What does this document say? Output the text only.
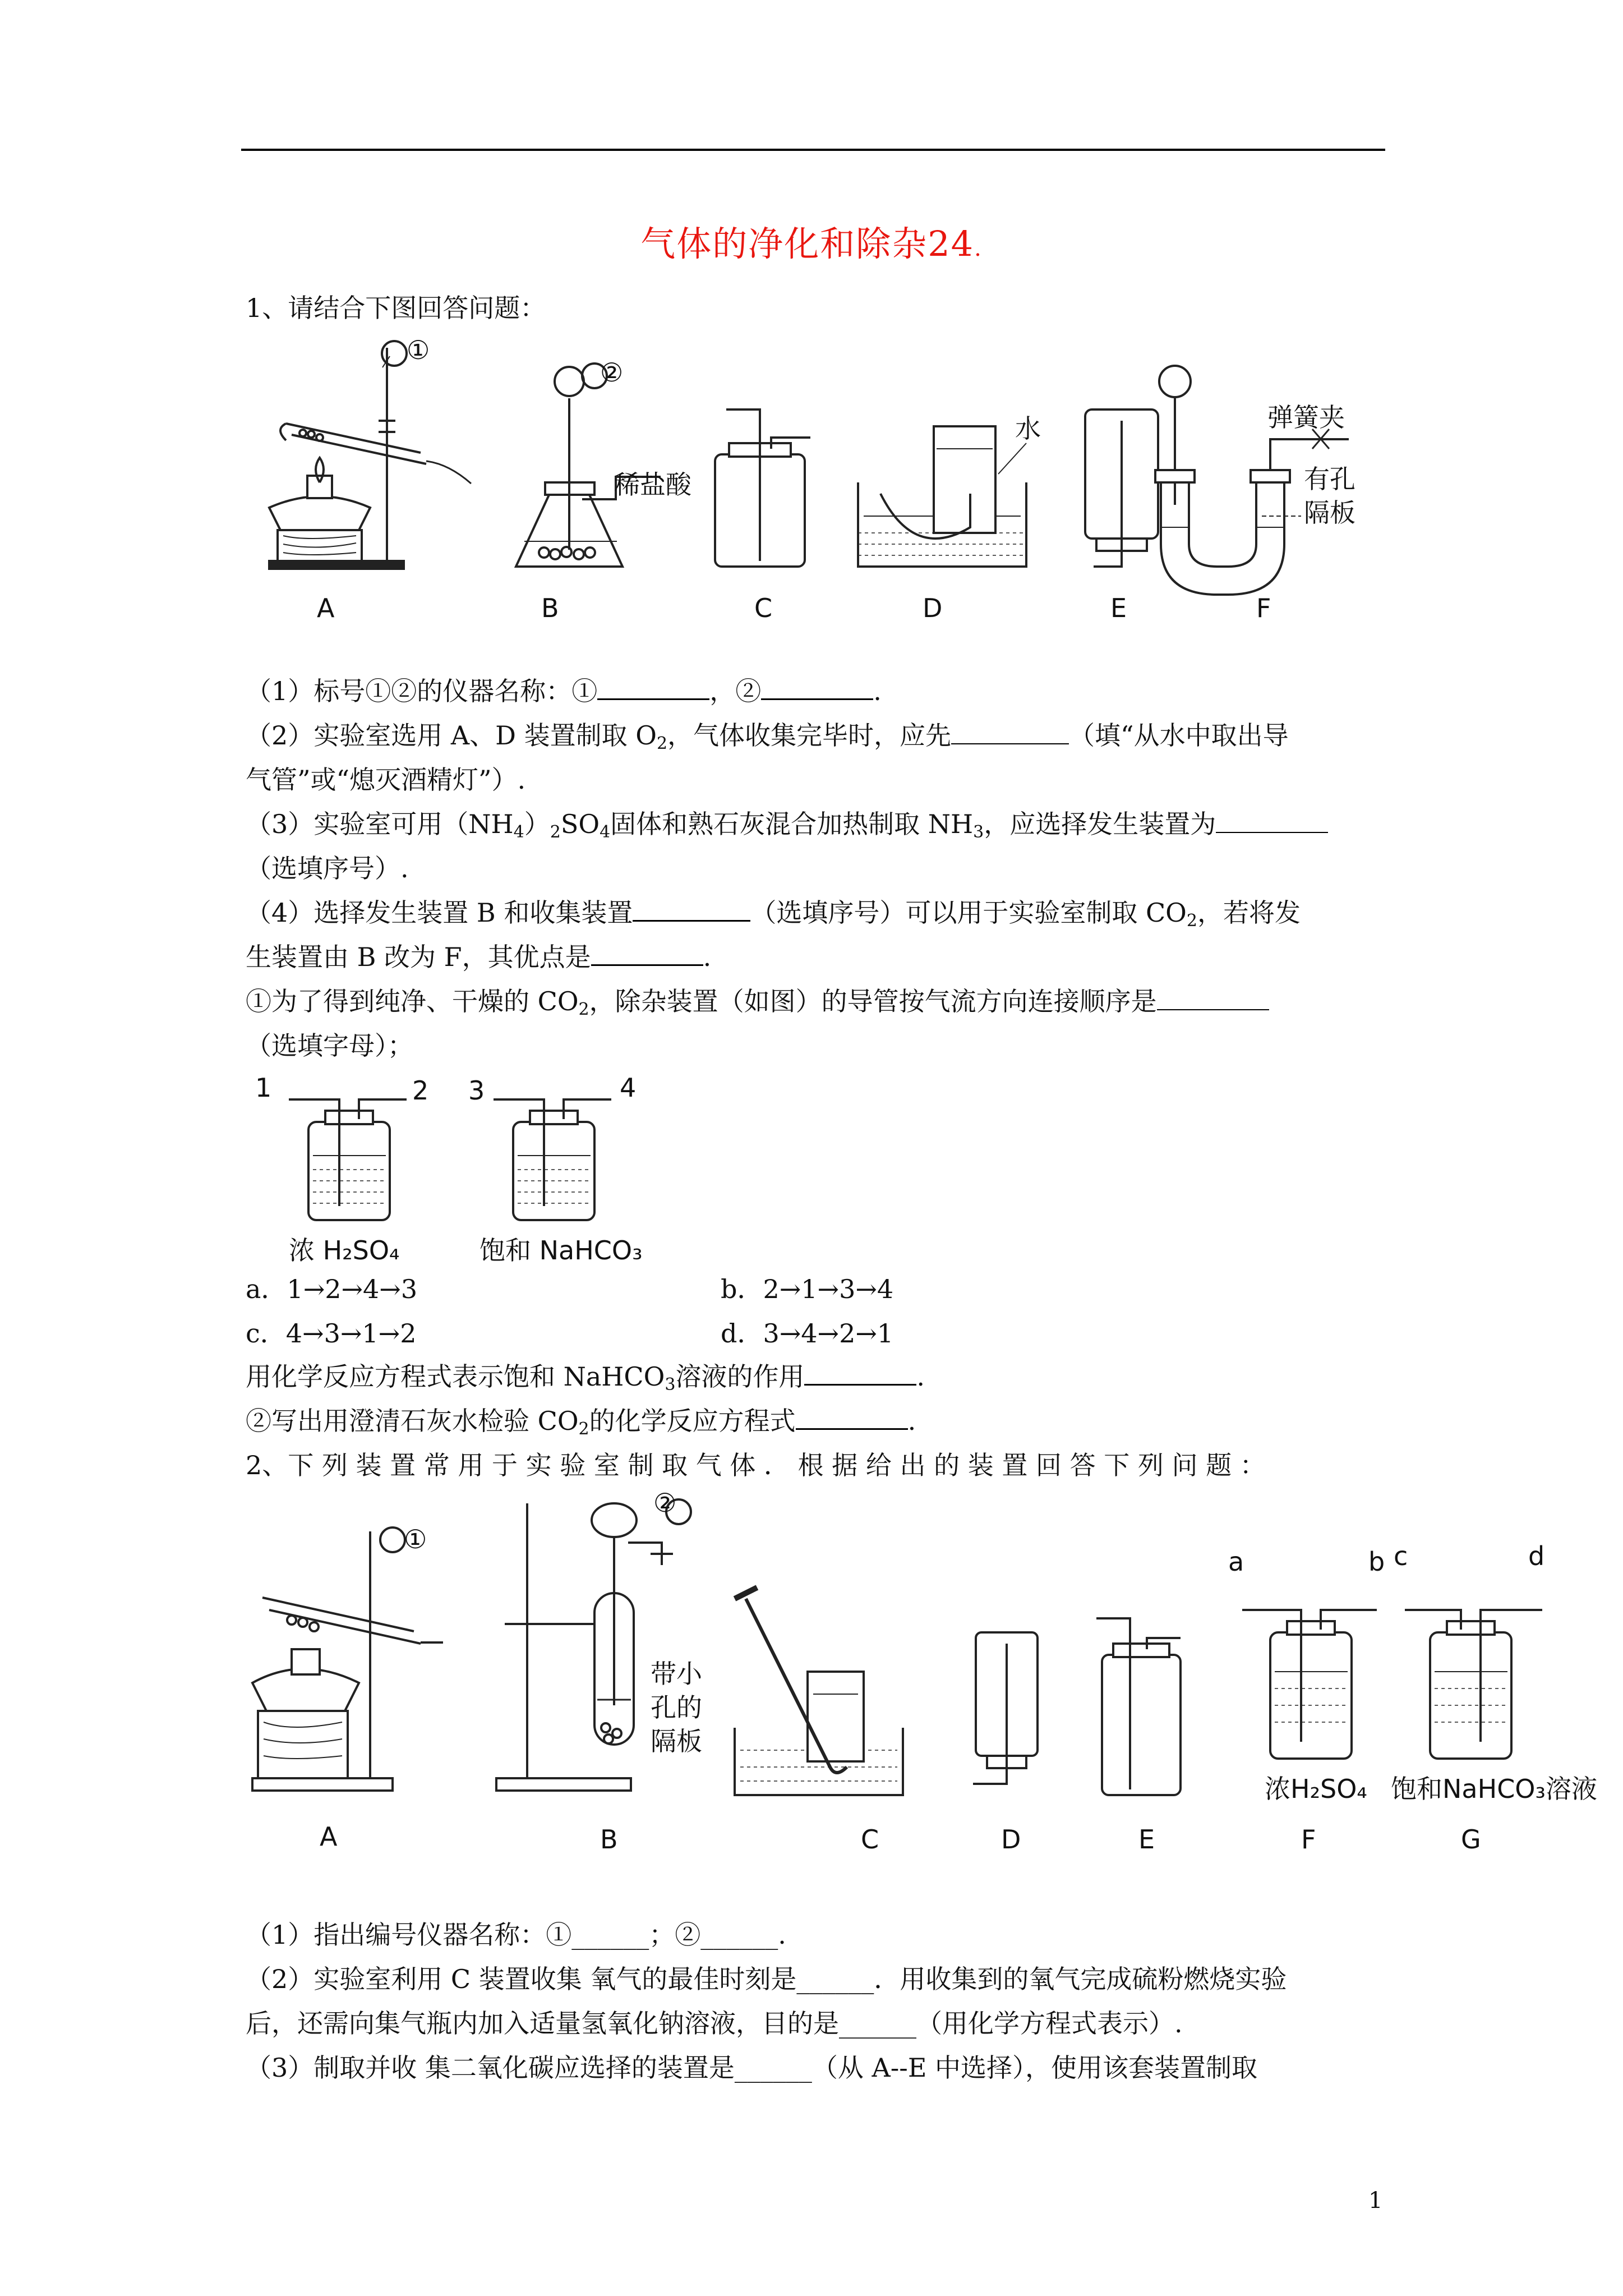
气体的净化和除杂24.
1、请结合下图回答问题：
①
②
稀盐酸
水	弹簧夹
有孔
隔板
A	B	C	D	E	F
（1）标号①②的仪器名称：①	，②	.
（2）实验室选用 A、D 装置制取 $O_2$，气体收集完毕时，应先	（填“从水中取出导
气管”或“熄灭酒精灯”）.
（3）实验室可用$(NH_4)_2SO_4$固体和熟石灰混合加热制取 $NH_3$，应选择发生装置为
（选填序号）.
（4）选择发生装置 B 和收集装置	（选填序号）可以用于实验室制取 $CO_2$，若将发
生装置由 B 改为 F，其优点是	.
①为了得到纯净、干燥的 $CO_2$，除杂装置（如图）的导管按气流方向连接顺序是
（选填字母）；
1	2 3	4
浓 H₂SO₄	饱和 NaHCO₃
a．1→2→4→3	b．2→1→3→4
c．4→3→1→2	d．3→4→2→1
用化学反应方程式表示饱和 NaHCO$_3$溶液的作用	.
②写出用澄清石灰水检验 $CO_2$的化学反应方程式	.
2、下 列 装 置 常 用 于 实 验 室 制 取 气 体 ． 根 据 给 出 的 装 置 回 答 下 列 问 题 ：
①
②
带小
孔的
隔板
a	b c	d
浓H₂SO₄ 饱和NaHCO₃溶液
A	B	C	D	E	F	G
（1）指出编号仪器名称：①______；②______.
（2）实验室利用 C 装置收集 氧气的最佳时刻是______．用收集到的氧气完成硫粉燃烧实验
后，还需向集气瓶内加入适量氢氧化钠溶液，目的是______（用化学方程式表示）.
（3）制取并收 集二氧化碳应选择的装置是______（从 A--E 中选择），使用该套装置制取
1
